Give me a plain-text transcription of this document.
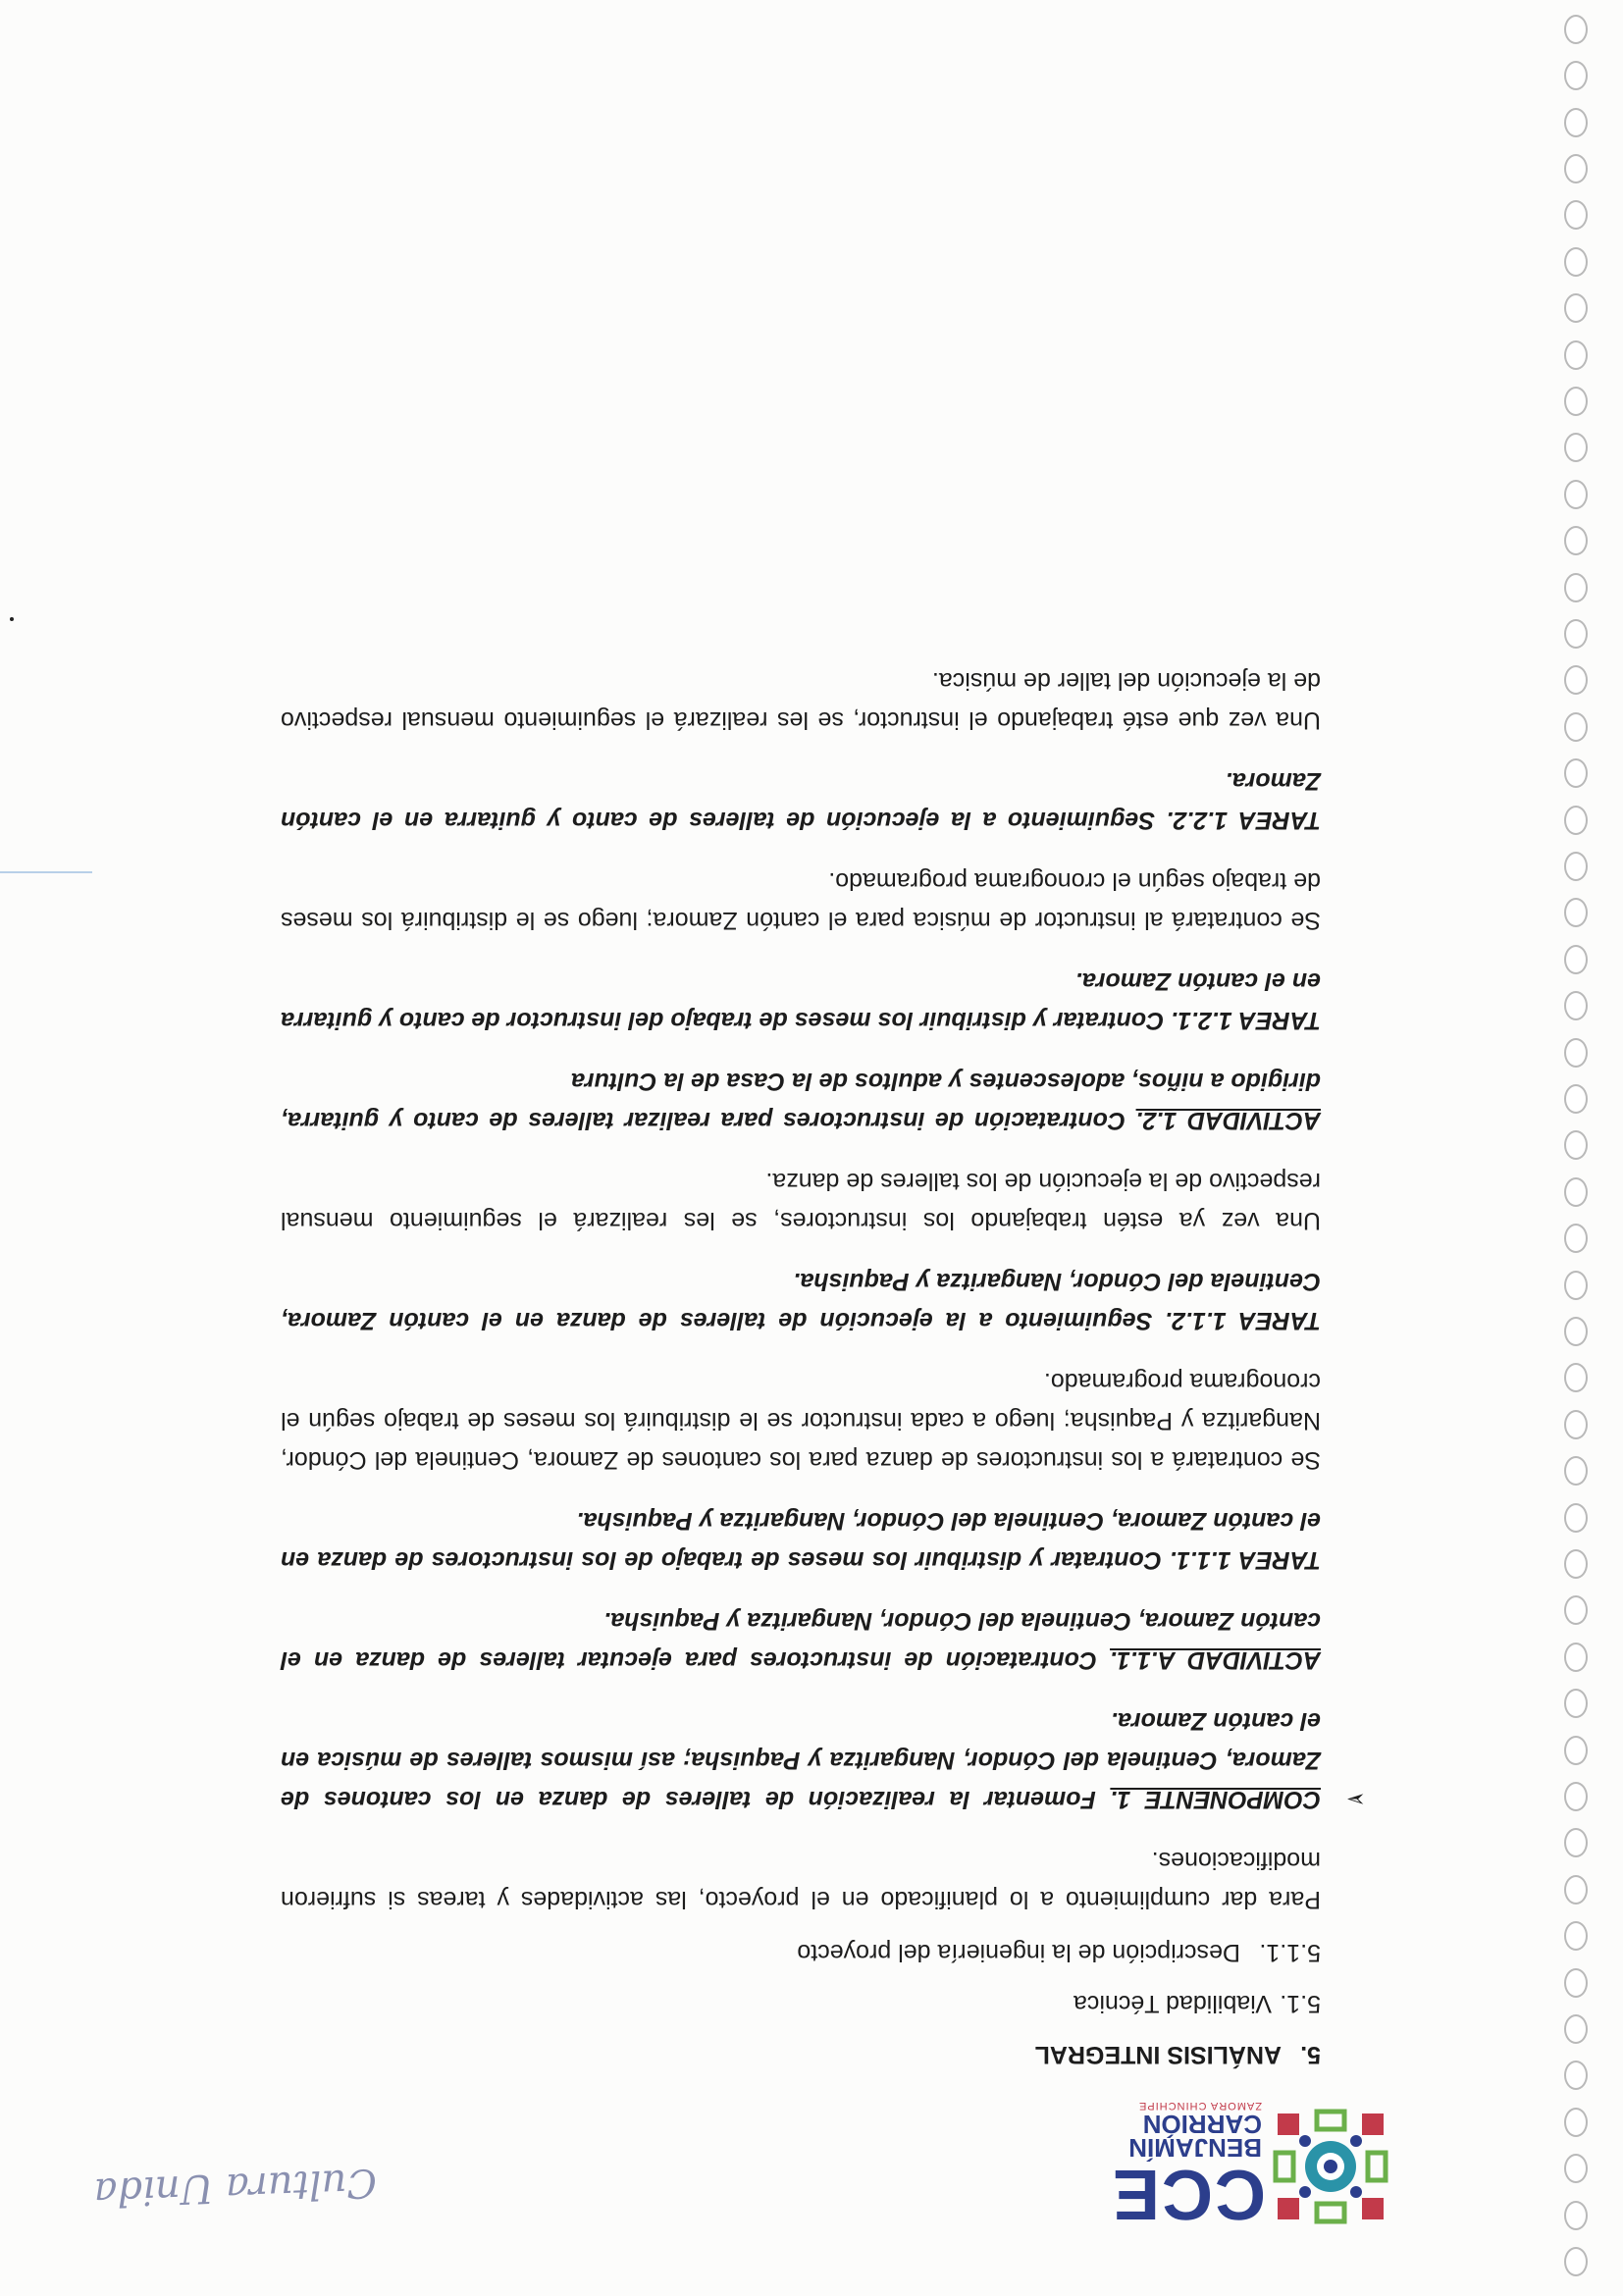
CCE
BENJAMÍN
CARRIÓN
ZAMORA CHINCHIPE
Cultura Unida
5.ANÁLISIS INTEGRAL
5.1.Viabilidad Técnica
5.1.1.Descripción de la ingeniería del proyecto

Para dar cumplimiento a lo planificado en el proyecto, las actividades y tareas si sufrieron modificaciones.

➢
COMPONENTE 1. Fomentar la realización de talleres de danza en los cantones de Zamora, Centinela del Cóndor, Nangaritza y Paquisha; así mismos talleres de música en el cantón Zamora.

ACTIVIDAD A.1.1. Contratación de instructores para ejecutar talleres de danza en el cantón Zamora, Centinela del Cóndor, Nangaritza y Paquisha.

TAREA 1.1.1. Contratar y distribuir los meses de trabajo de los instructores de danza en el cantón Zamora, Centinela del Cóndor, Nangaritza y Paquisha.

Se contratará a los instructores de danza para los cantones de Zamora, Centinela del Cóndor, Nangaritza y Paquisha; luego a cada instructor se le distribuirá los meses de trabajo según el cronograma programado.

TAREA 1.1.2. Seguimiento a la ejecución de talleres de danza en el cantón Zamora, Centinela del Cóndor, Nangaritza y Paquisha.

Una vez ya estén trabajando los instructores, se les realizará el seguimiento mensual respectivo de la ejecución de los talleres de danza.

ACTIVIDAD 1.2. Contratación de instructores para realizar talleres de canto y guitarra, dirigido a niños, adolescentes y adultos de la Casa de la Cultura

TAREA 1.2.1. Contratar y distribuir los meses de trabajo del instructor de canto y guitarra en el cantón Zamora.

Se contratará al instructor de música para el cantón Zamora; luego se le distribuirá los meses de trabajo según el cronograma programado.

TAREA 1.2.2. Seguimiento a la ejecución de talleres de canto y guitarra en el cantón Zamora.

Una vez que esté trabajando el instructor, se les realizará el seguimiento mensual respectivo de la ejecución del taller de música.
